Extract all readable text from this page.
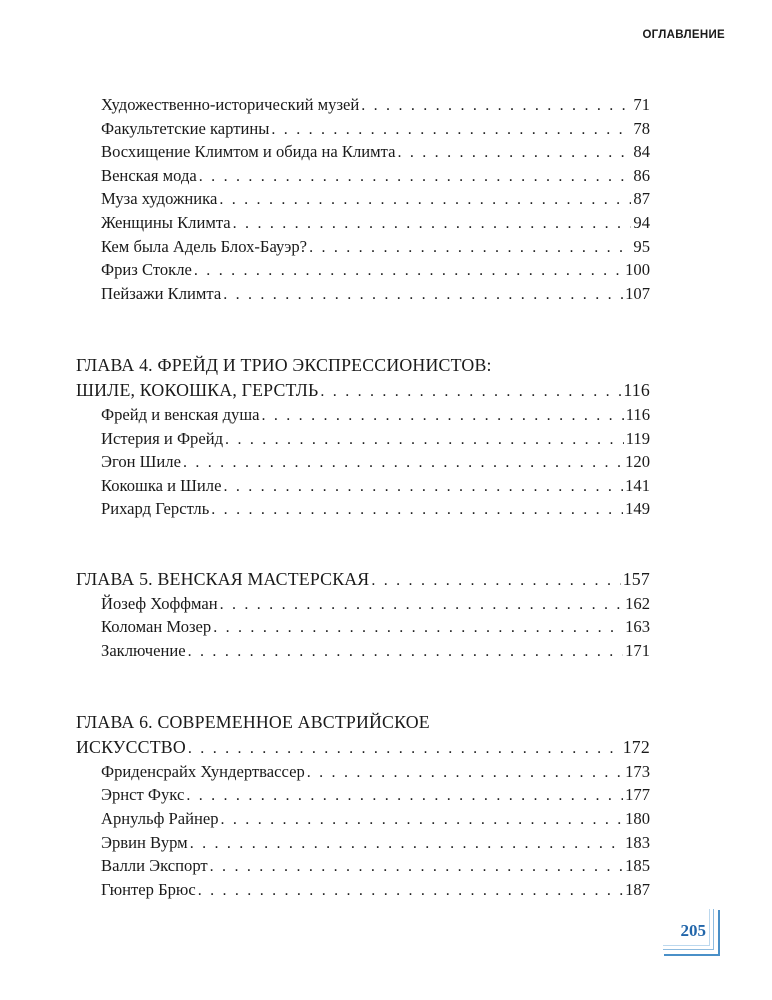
ОГЛАВЛЕНИЕ
Художественно-исторический музей . . .	71
Факультетские картины . . .	78
Восхищение Климтом и обида на Климта . . .	84
Венская мода . . .	86
Муза художника . . .	87
Женщины Климта . . .	94
Кем была Адель Блох-Бауэр? . . .	95
Фриз Стокле . . .	100
Пейзажи Климта . . .	107
ГЛАВА 4. ФРЕЙД И ТРИО ЭКСПРЕССИОНИСТОВ:
ШИЛЕ, КОКОШКА, ГЕРСТЛЬ . . .	116
Фрейд и венская душа . . .	116
Истерия и Фрейд . . .	119
Эгон Шиле . . .	120
Кокошка и Шиле . . .	141
Рихард Герстль . . .	149
ГЛАВА 5. ВЕНСКАЯ МАСТЕРСКАЯ . . .	157
Йозеф Хоффман . . .	162
Коломан Мозер . . .	163
Заключение . . .	171
ГЛАВА 6. СОВРЕМЕННОЕ АВСТРИЙСКОЕ
ИСКУССТВО . . .	172
Фриденсрайх Хундертвассер . . .	173
Эрнст Фукс . . .	177
Арнульф Райнер . . .	180
Эрвин Вурм . . .	183
Валли Экспорт . . .	185
Гюнтер Брюс . . .	187
205
